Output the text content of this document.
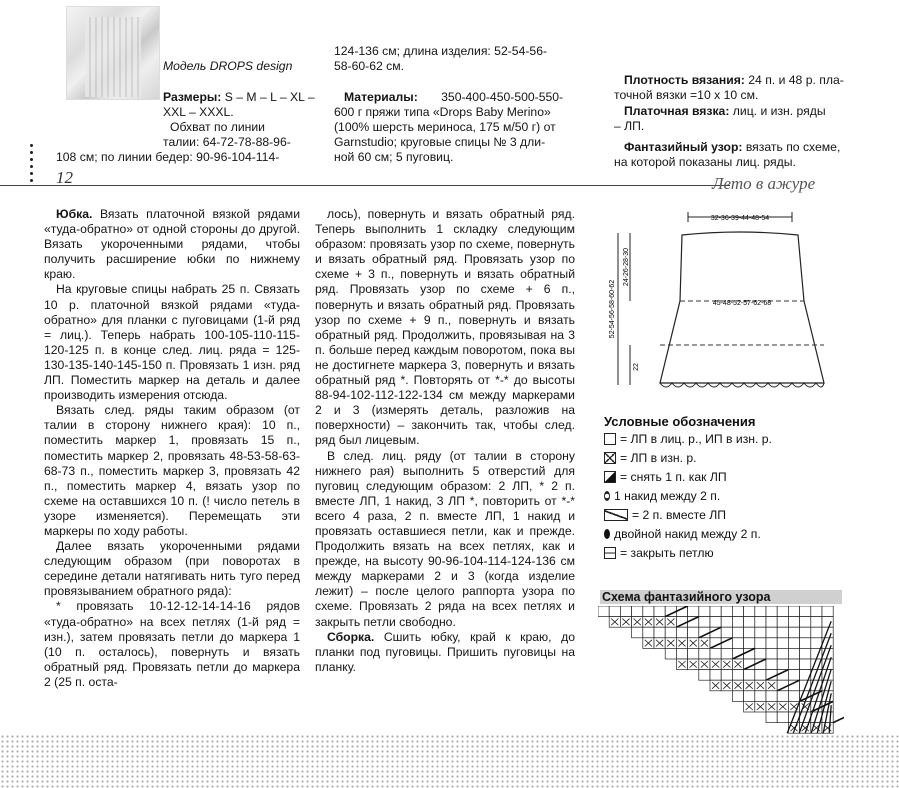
Модель DROPS design
Размеры: S – M – L – XL – XXL – XXXL.
Обхват по линии
талии: 64-72-78-88-96-
108 см; по линии бедер: 90-96-104-114-
124-136 см; длина изделия: 52-54-56-
58-60-62 см.
Материалы: 350-400-450-500-550-
600 г пряжи типа «Drops Baby Merino»
(100% шерсть мериноса, 175 м/50 г) от
Garnstudio; круговые спицы № 3 дли-
ной 60 см; 5 пуговиц.
Плотность вязания: 24 п. и 48 р. пла-
точной вязки =10 х 10 см.
Платочная вязка: лиц. и изн. ряды
– ЛП.
Фантазийный узор: вязать по схеме,
на которой показаны лиц. ряды.
12	Лето в ажуре
Юбка. Вязать платочной вязкой рядами «туда-обратно» от одной стороны до другой. Вязать укороченными рядами, чтобы получить расширение юбки по нижнему краю.
На круговые спицы набрать 25 п. Связать 10 р. платочной вязкой рядами «туда-обратно» для планки с пуговицами (1-й ряд = лиц.). Теперь набрать 100-105-110-115-120-125 п. в конце след. лиц. ряда = 125-130-135-140-145-150 п. Провязать 1 изн. ряд ЛП. Поместить маркер на деталь и далее производить измерения отсюда.
Вязать след. ряды таким образом (от талии в сторону нижнего края): 10 п., поместить маркер 1, провязать 15 п., поместить маркер 2, провязать 48-53-58-63-68-73 п., поместить маркер 3, провязать 42 п., поместить маркер 4, вязать узор по схеме на оставшихся 10 п. (! число петель в узоре изменяется). Перемещать эти маркеры по ходу работы.
Далее вязать укороченными рядами следующим образом (при поворотах в середине детали натягивать нить туго перед провязыванием обратного ряда):
* провязать 10-12-12-14-14-16 рядов «туда-обратно» на всех петлях (1-й ряд = изн.), затем провязать петли до маркера 1 (10 п. осталось), повернуть и вязать обратный ряд. Провязать петли до маркера 2 (25 п. оста-
лось), повернуть и вязать обратный ряд. Теперь выполнить 1 складку следующим образом: провязать узор по схеме, повернуть и вязать обратный ряд. Провязать узор по схеме + 3 п., повернуть и вязать обратный ряд. Провязать узор по схеме + 6 п., повернуть и вязать обратный ряд. Провязать узор по схеме + 9 п., повернуть и вязать обратный ряд. Продолжить, провязывая на 3 п. больше перед каждым поворотом, пока вы не достигнете маркера 3, повернуть и вязать обратный ряд *. Повторять от *-* до высоты 88-94-102-112-122-134 см между маркерами 2 и 3 (измерять деталь, разложив на поверхности) – закончить так, чтобы след. ряд был лицевым.
В след. лиц. ряду (от талии в сторону нижнего рая) выполнить 5 отверстий для пуговиц следующим образом: 2 ЛП, * 2 п. вместе ЛП, 1 накид, 3 ЛП *, повторить от *-* всего 4 раза, 2 п. вместе ЛП, 1 накид и провязать оставшиеся петли, как и прежде. Продолжить вязать на всех петлях, как и прежде, на высоту 90-96-104-114-124-136 см между маркерами 2 и 3 (когда изделие лежит) – после целого раппорта узора по схеме. Провязать 2 ряда на всех петлях и закрыть петли свободно.
Сборка. Сшить юбку, край к краю, до планки под пуговицы. Пришить пуговицы на планку.
32-36-39-44-48-54
45-48-52-57-62-68
52-54-56-58-60-62
24-26-28-30
22
Условные обозначения
= ЛП в лиц. р., ИП в изн. р.
= ЛП в изн. р.
= снять 1 п. как ЛП
1 накид между 2 п.
= 2 п. вместе ЛП
двойной накид между 2 п.
= закрыть петлю
Схема фантазийного узора
